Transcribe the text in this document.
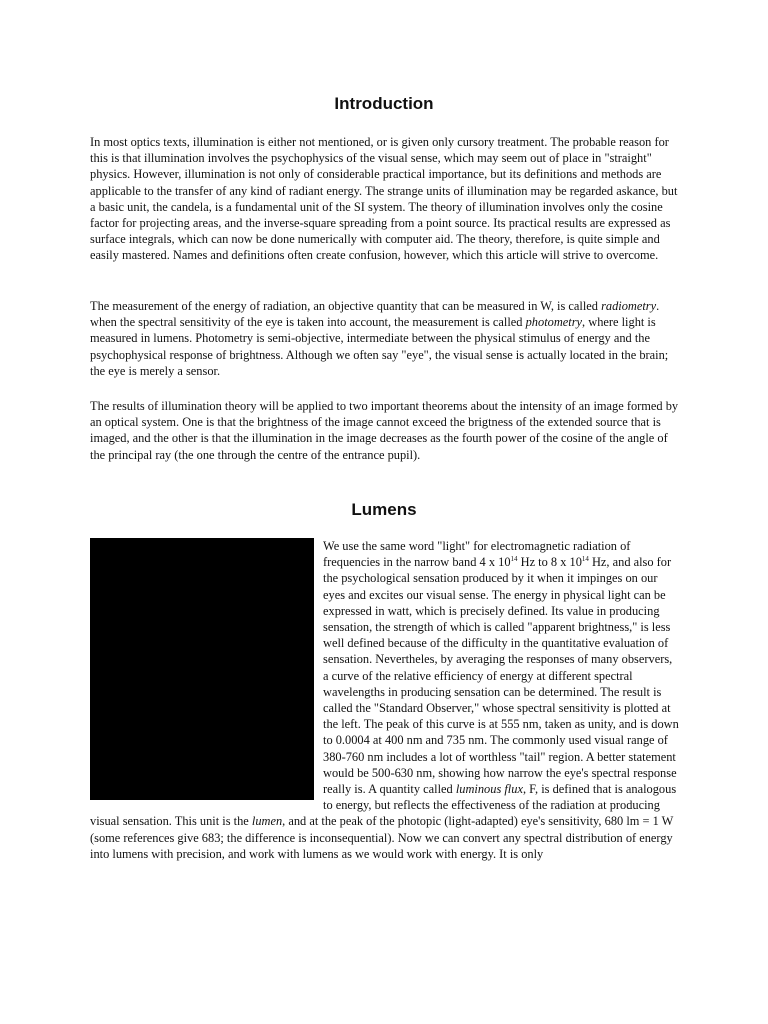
Introduction

In most optics texts, illumination is either not mentioned, or is given only cursory treatment. The probable reason for this is that illumination involves the psychophysics of the visual sense, which may seem out of place in "straight" physics. However, illumination is not only of considerable practical importance, but its definitions and methods are applicable to the transfer of any kind of radiant energy. The strange units of illumination may be regarded askance, but a basic unit, the candela, is a fundamental unit of the SI system. The theory of illumination involves only the cosine factor for projecting areas, and the inverse-square spreading from a point source. Its practical results are expressed as surface integrals, which can now be done numerically with computer aid. The theory, therefore, is quite simple and easily mastered. Names and definitions often create confusion, however, which this article will strive to overcome.

The measurement of the energy of radiation, an objective quantity that can be measured in W, is called radiometry. when the spectral sensitivity of the eye is taken into account, the measurement is called photometry, where light is measured in lumens. Photometry is semi-objective, intermediate between the physical stimulus of energy and the psychophysical response of brightness. Although we often say "eye", the visual sense is actually located in the brain; the eye is merely a sensor.

The results of illumination theory will be applied to two important theorems about the intensity of an image formed by an optical system. One is that the brightness of the image cannot exceed the brigtness of the extended source that is imaged, and the other is that the illumination in the image decreases as the fourth power of the cosine of the angle of the principal ray (the one through the centre of the entrance pupil).

Lumens

We use the same word "light" for electromagnetic radiation of frequencies in the narrow band 4 x $10^{14}$ Hz to 8 x $10^{14}$ Hz, and also for the psychological sensation produced by it when it impinges on our eyes and excites our visual sense. The energy in physical light can be expressed in watt, which is precisely defined. Its value in producing sensation, the strength of which is called "apparent brightness," is less well defined because of the difficulty in the quantitative evaluation of sensation. Nevertheles, by averaging the responses of many observers, a curve of the relative efficiency of energy at different spectral wavelengths in producing sensation can be determined. The result is called the "Standard Observer," whose spectral sensitivity is plotted at the left. The peak of this curve is at 555 nm, taken as unity, and is down to 0.0004 at 400 nm and 735 nm. The commonly used visual range of 380-760 nm includes a lot of worthless "tail" region. A better statement would be 500-630 nm, showing how narrow the eye's spectral response really is. A quantity called luminous flux, F, is defined that is analogous to energy, but reflects the effectiveness of the radiation at producing visual sensation. This unit is the lumen, and at the peak of the photopic (light-adapted) eye's sensitivity, 680 lm = 1 W (some references give 683; the difference is inconsequential). Now we can convert any spectral distribution of energy into lumens with precision, and work with lumens as we would work with energy. It is only
